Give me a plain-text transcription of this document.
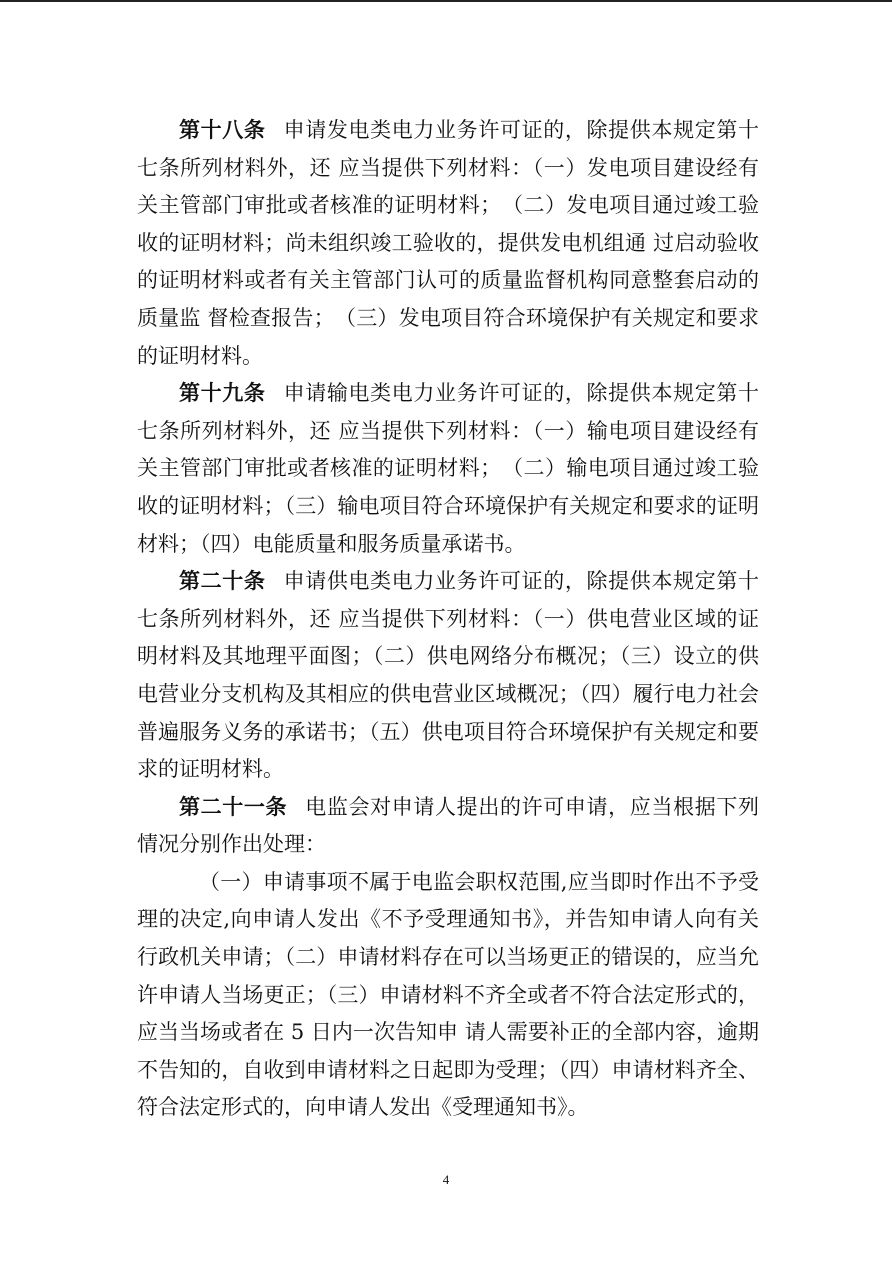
第十八条 申请发电类电力业务许可证的，除提供本规定第十七条所列材料外，还 应当提供下列材料：（一）发电项目建设经有关主管部门审批或者核准的证明材料；　（二）发电项目通过竣工验收的证明材料；尚未组织竣工验收的，提供发电机组通 过启动验收的证明材料或者有关主管部门认可的质量监督机构同意整套启动的质量监 督检查报告；　（三）发电项目符合环境保护有关规定和要求的证明材料。

第十九条 申请输电类电力业务许可证的，除提供本规定第十七条所列材料外，还 应当提供下列材料：（一）输电项目建设经有关主管部门审批或者核准的证明材料；　（二）输电项目通过竣工验收的证明材料；（三）输电项目符合环境保护有关规定和要求的证明材料；（四）电能质量和服务质量承诺书。

第二十条 申请供电类电力业务许可证的，除提供本规定第十七条所列材料外，还 应当提供下列材料：（一）供电营业区域的证明材料及其地理平面图；（二）供电网络分布概况；（三）设立的供电营业分支机构及其相应的供电营业区域概况；（四）履行电力社会普遍服务义务的承诺书；（五）供电项目符合环境保护有关规定和要求的证明材料。

第二十一条 电监会对申请人提出的许可申请，应当根据下列情况分别作出处理：

（一）申请事项不属于电监会职权范围,应当即时作出不予受理的决定,向申请人发出《不予受理通知书》，并告知申请人向有关行政机关申请；（二）申请材料存在可以当场更正的错误的，应当允许申请人当场更正；（三）申请材料不齐全或者不符合法定形式的，应当当场或者在 5 日内一次告知申 请人需要补正的全部内容，逾期不告知的，自收到申请材料之日起即为受理；（四）申请材料齐全、符合法定形式的，向申请人发出《受理通知书》。

4
